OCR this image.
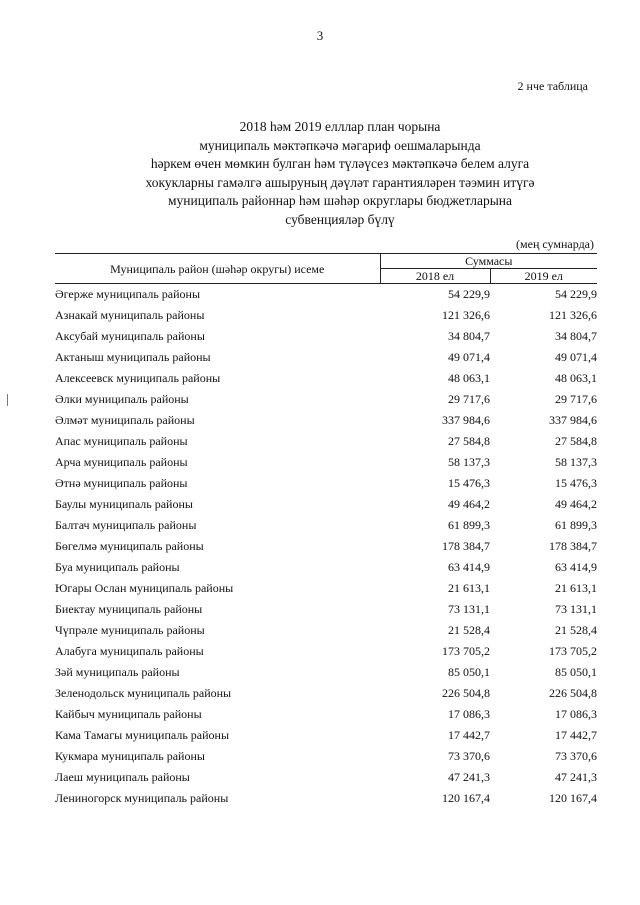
3
2 нче таблица
2018 һәм 2019 елллар план чорына
муниципаль мәктәпкәчә мәгариф оешмаларында
һәркем өчен мөмкин булган һәм түләүсез мәктәпкәчә белем алуга
хокукларны гамәлгә ашыруның дәүләт гарантияләрен тәэмин итүгә
муниципаль районнар һәм шәһәр округлары бюджетларына
субвенцияләр бүлү
(мең сумнарда)
Муниципаль район (шәһәр округы) исеме	Суммасы	
	2018 ел	2019 ел
Әгерже муниципаль районы	54 229,9	54 229,9
Азнакай муниципаль районы	121 326,6	121 326,6
Аксубай муниципаль районы	34 804,7	34 804,7
Актаныш муниципаль районы	49 071,4	49 071,4
Алексеевск муниципаль районы	48 063,1	48 063,1
Әлки муниципаль районы	29 717,6	29 717,6
Әлмәт муниципаль районы	337 984,6	337 984,6
Апас муниципаль районы	27 584,8	27 584,8
Арча муниципаль районы	58 137,3	58 137,3
Әтнә муниципаль районы	15 476,3	15 476,3
Баулы муниципаль районы	49 464,2	49 464,2
Балтач муниципаль районы	61 899,3	61 899,3
Бөгелмә муниципаль районы	178 384,7	178 384,7
Буа муниципаль районы	63 414,9	63 414,9
Югары Ослан муниципаль районы	21 613,1	21 613,1
Биектау муниципаль районы	73 131,1	73 131,1
Чүпрәле муниципаль районы	21 528,4	21 528,4
Алабуга муниципаль районы	173 705,2	173 705,2
Зәй муниципаль районы	85 050,1	85 050,1
Зеленодольск муниципаль районы	226 504,8	226 504,8
Кайбыч муниципаль районы	17 086,3	17 086,3
Кама Тамагы муниципаль районы	17 442,7	17 442,7
Кукмара муниципаль районы	73 370,6	73 370,6
Лаеш муниципаль районы	47 241,3	47 241,3
Лениногорск муниципаль районы	120 167,4	120 167,4
